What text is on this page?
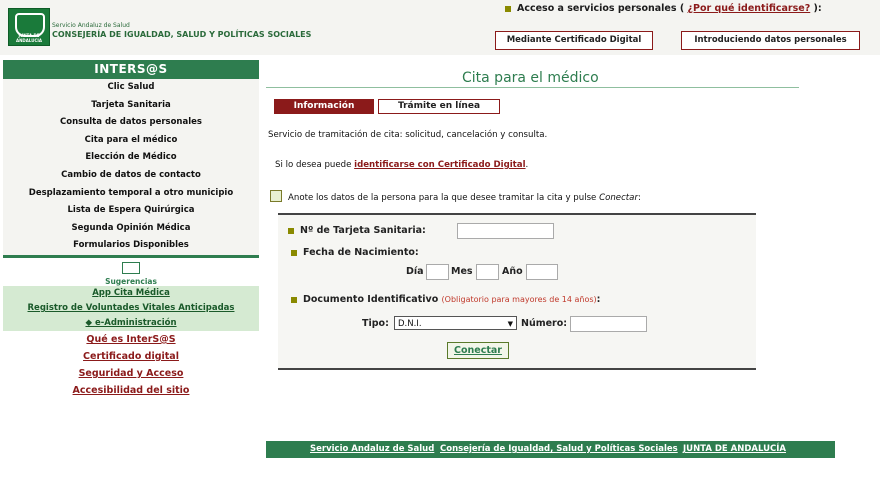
JUNTA DE ANDALUCIA
Servicio Andaluz de Salud
CONSEJERÍA DE IGUALDAD, SALUD Y POLÍTICAS SOCIALES
Acceso a servicios personales ( ¿Por qué identificarse? ):
Mediante Certificado Digital	Introduciendo datos personales
INTERS@S
Clic Salud
Tarjeta Sanitaria
Consulta de datos personales
Cita para el médico
Elección de Médico
Cambio de datos de contacto
Desplazamiento temporal a otro municipio
Lista de Espera Quirúrgica
Segunda Opinión Médica
Formularios Disponibles
Sugerencias
App Cita Médica
Registro de Voluntades Vitales Anticipadas
◆ e-Administración
Qué es InterS@S
Certificado digital
Seguridad y Acceso
Accesibilidad del sitio
Cita para el médico
Información	Trámite en línea
Servicio de tramitación de cita: solicitud, cancelación y consulta.
Si lo desea puede identificarse con Certificado Digital.
Anote los datos de la persona para la que desee tramitar la cita y pulse Conectar:
Nº de Tarjeta Sanitaria:
Fecha de Nacimiento:
Día	Mes	Año
Documento Identificativo (Obligatorio para mayores de 14 años):
Tipo:	D.N.I.	▼ Número:
Conectar
Servicio Andaluz de Salud Consejería de Igualdad, Salud y Políticas Sociales JUNTA DE ANDALUCÍA
